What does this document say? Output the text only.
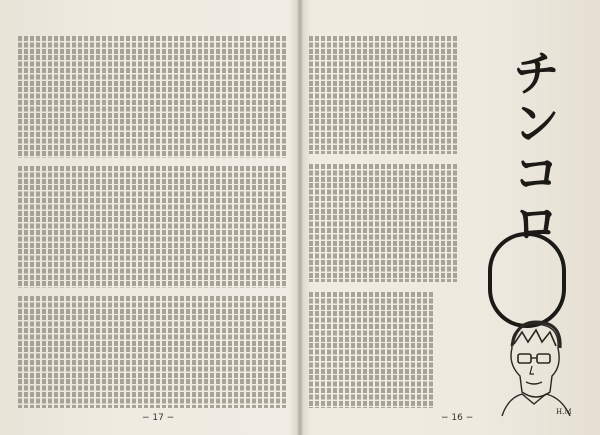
− 17 −
チンコロ
H.M
− 16 −
